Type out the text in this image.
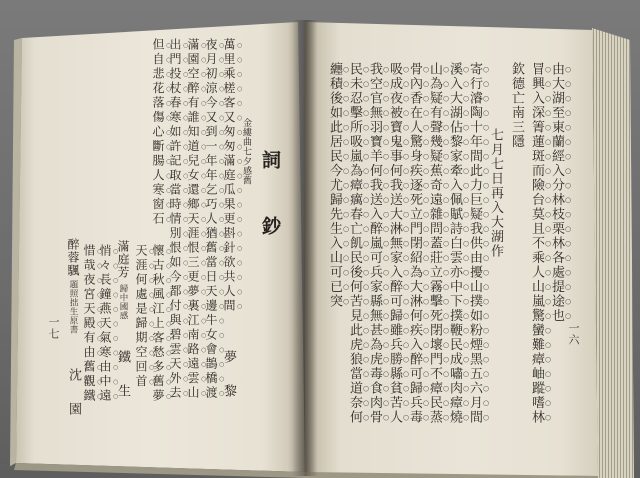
由大湖至東蘭經入分林枝栗林各處提途也
冒興入深箐蓮斑而險台莫且不乘人山嵐驚蠻難瘴岫蹤嗜林
欽德亡南三隱
七月七日再入大湖作
寄行濬陶十年間此力巨疑我供由擾山撲如粉煙黑五六月間
溪入大湖佔黎家牽入佩賦詩白雲亦中下撲鞭民成嘯肉瘴燒
山為疑有聲幾疑蕉奇遠雜問蓋莊立霧擊死閉壞門不瘴民蒸
骨內香在人驚身疾逐死立門閉紹為大淋何疾入醉可歸兵毒
吸成夜被寶鬼事何我送大淋無家入醉可歸雖兵勝縣貧苦人
我空官無羽寶羊何我送入醉嵐可兵家縣無甚為虎毒食肉骨
民未忍擊所吸嵐為瘴癘春亡飢民後何苦見此虎狼當道奈何
纏積後如此居民今尤歸先生入山可已突
一六
詞
鈔
金縷曲七夕感舊
萬里乘槎客又匆匆滿庭瓜果更斟針欲共人間
夢　黎
夜月初涼今又到一年年乞巧人猶舊當日天邊牛女會鵲橋渡
滿園空醉有誰知道兒女還鄉天涯恨三更夢裏江南路遠雲山
出門投杖春寒如許記取當時情別恨如今都付與碧雲天外去
但自悲花落傷心斷腸人寒窗石
懷古秋風江上客愁多舊夢
天涯何處是歸期空回首
滿庭芳
歸中國感
鐵　生
悄々長鐘燕天氣寒由中遠
惜哉夜宮天殿有由舊觀鐵
醉蓉颿
題照拙生原書
沈　園
一七
